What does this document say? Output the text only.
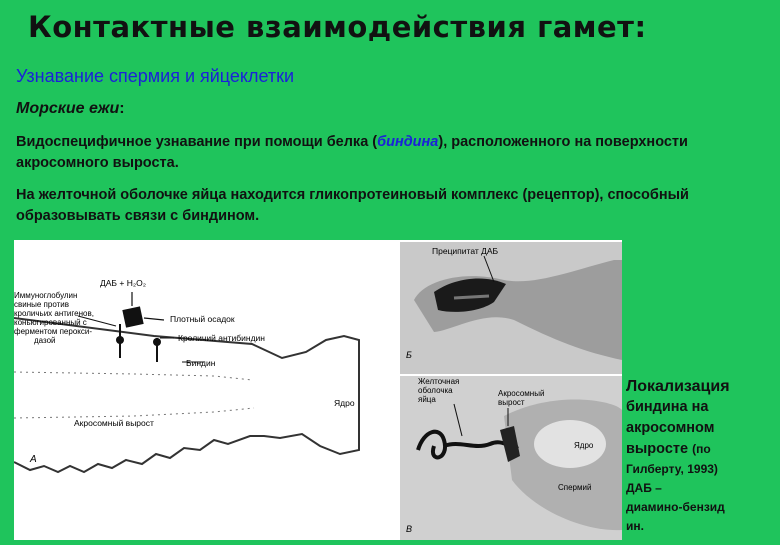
Контактные взаимодействия гамет:
Узнавание спермия и яйцеклетки
Морские ежи:
Видоспецифичное узнавание при помощи белка (биндина), расположенного на поверхности акросомного выроста.
На желточной оболочке яйца находится гликопротеиновый комплекс (рецептор), способный образовывать связи с биндином.
ДАБ + H₂O₂
Иммуноглобулин
свиные против
кроличьих антигенов,
коньюгированный с
ферментом перокси-
дазой
Плотный осадок
Кроличий антибиндин
Биндин
Ядро
Акросомный вырост
А
Преципитат ДАБ
Б
Желточная
оболочка
яйца
Акросомный
вырост
Ядро
Спермий
В
Локализация
биндина на
акросомном
выросте (по
Гилберту, 1993)
ДАБ –
диамино-бензид
ин.
